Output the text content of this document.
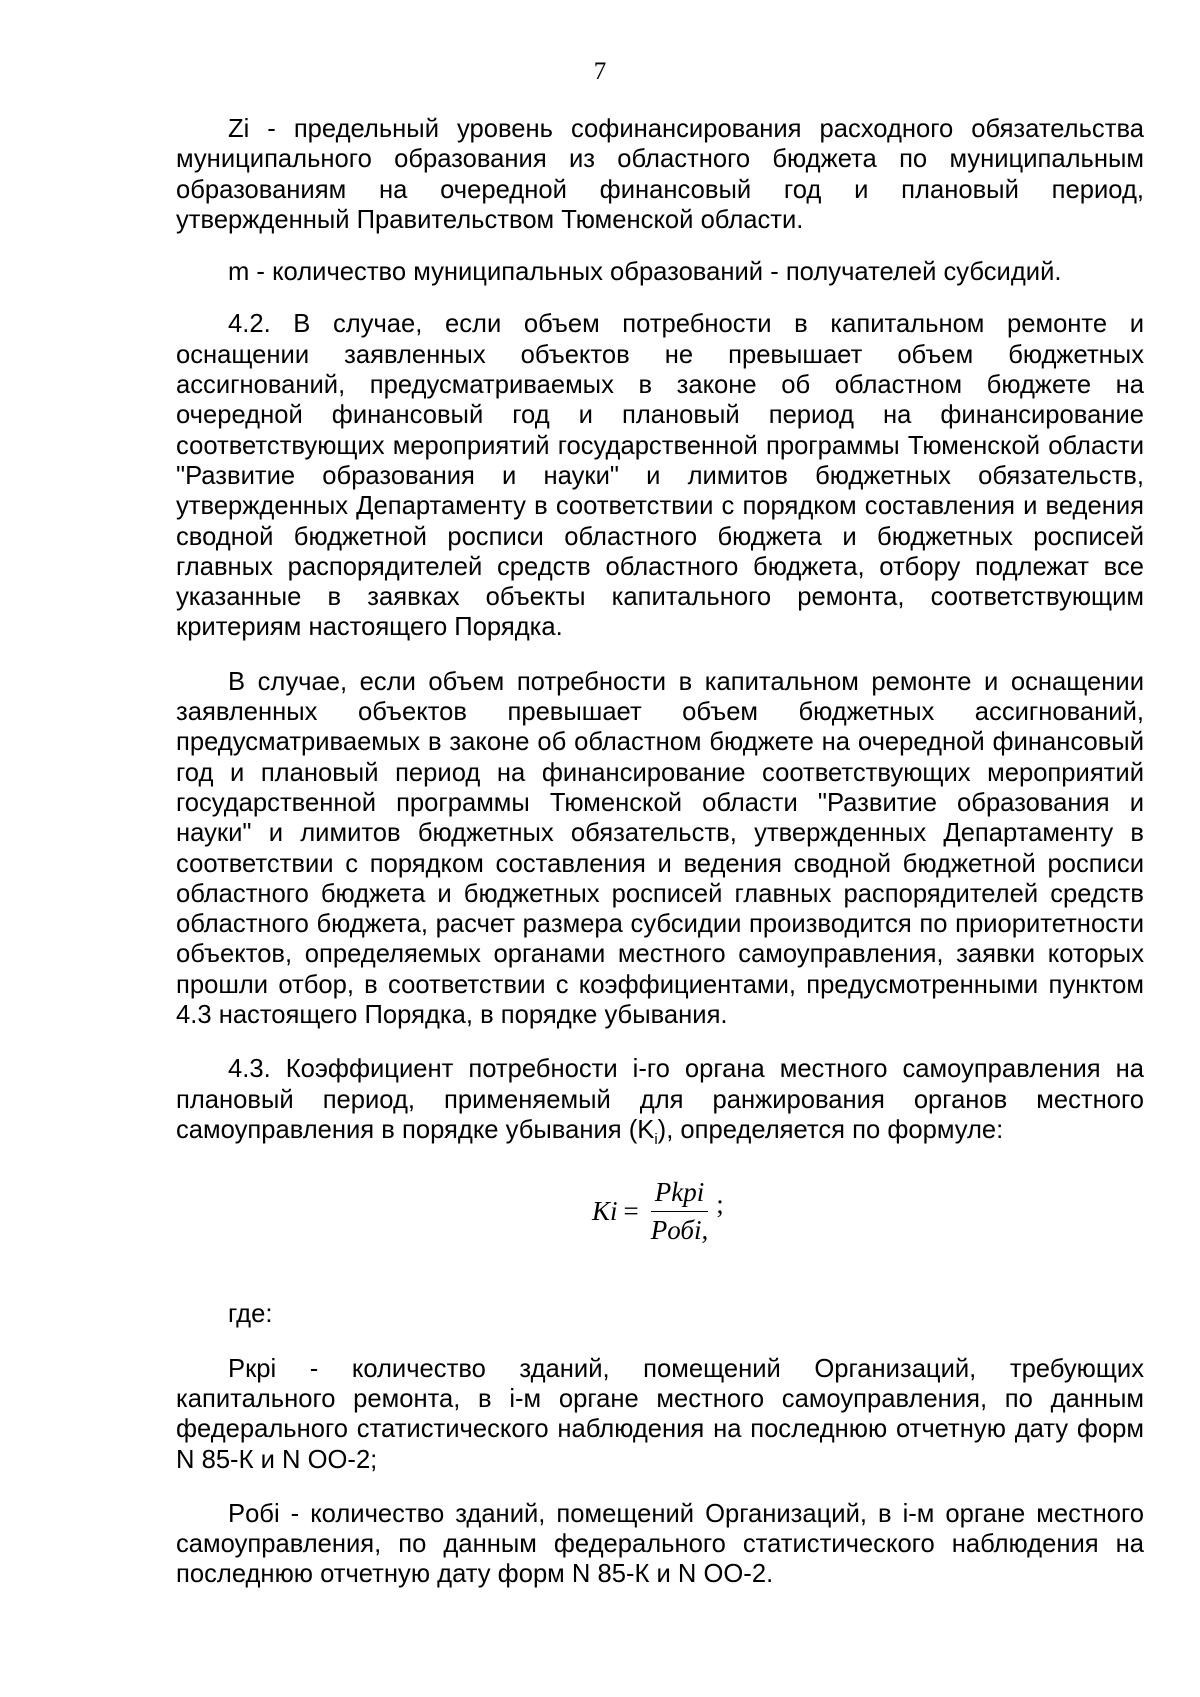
7

Zi - предельный уровень софинансирования расходного обязательства муниципального образования из областного бюджета по муниципальным образованиям на очередной финансовый год и плановый период, утвержденный Правительством Тюменской области.

m - количество муниципальных образований - получателей субсидий.

4.2. В случае, если объем потребности в капитальном ремонте и оснащении заявленных объектов не превышает объем бюджетных ассигнований, предусматриваемых в законе об областном бюджете на очередной финансовый год и плановый период на финансирование соответствующих мероприятий государственной программы Тюменской области "Развитие образования и науки" и лимитов бюджетных обязательств, утвержденных Департаменту в соответствии с порядком составления и ведения сводной бюджетной росписи областного бюджета и бюджетных росписей главных распорядителей средств областного бюджета, отбору подлежат все указанные в заявках объекты капитального ремонта, соответствующим критериям настоящего Порядка.

В случае, если объем потребности в капитальном ремонте и оснащении заявленных объектов превышает объем бюджетных ассигнований, предусматриваемых в законе об областном бюджете на очередной финансовый год и плановый период на финансирование соответствующих мероприятий государственной программы Тюменской области "Развитие образования и науки" и лимитов бюджетных обязательств, утвержденных Департаменту в соответствии с порядком составления и ведения сводной бюджетной росписи областного бюджета и бюджетных росписей главных распорядителей средств областного бюджета, расчет размера субсидии производится по приоритетности объектов, определяемых органами местного самоуправления, заявки которых прошли отбор, в соответствии с коэффициентами, предусмотренными пунктом 4.3 настоящего Порядка, в порядке убывания.

4.3. Коэффициент потребности i-го органа местного самоуправления на плановый период, применяемый для ранжирования органов местного самоуправления в порядке убывания $(K_i)$, определяется по формуле:

$Ki = \frac{\text{Pkpi}}{\text{Pобi,}}$ ;

где:

Pкpi - количество зданий, помещений Организаций, требующих капитального ремонта, в i-м органе местного самоуправления, по данным федерального статистического наблюдения на последнюю отчетную дату форм N 85-К и N OO-2;

Pобi - количество зданий, помещений Организаций, в i-м органе местного самоуправления, по данным федерального статистического наблюдения на последнюю отчетную дату форм N 85-К и N OO-2.
